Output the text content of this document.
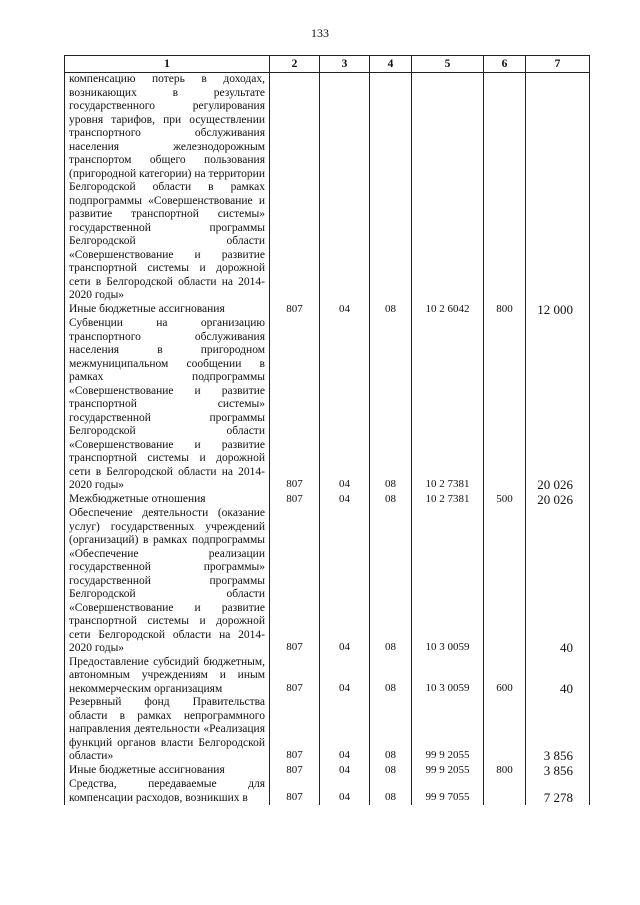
133
1	2	3	4	5	6	7

компенсацию потерь в доходах, возникающих в результате государственного регулирования уровня тарифов, при осуществлении транспортного обслуживания населения железнодорожным транспортом общего пользования (пригородной категории) на территории Белгородской области в рамках подпрограммы «Совершенствование и развитие транспортной системы» государственной программы Белгородской области «Совершенствование и развитие транспортной системы и дорожной сети в Белгородской области на 2014-2020 годы»						

Иные бюджетные ассигнования	807	04	08	10 2 6042	800	12 000

Субвенции на организацию транспортного обслуживания населения в пригородном межмуниципальном сообщении в рамках подпрограммы «Совершенствование и развитие транспортной системы» государственной программы Белгородской области «Совершенствование и развитие транспортной системы и дорожной сети в Белгородской области на 2014-2020 годы»	807	04	08	10 2 7381		20 026

Межбюджетные отношения	807	04	08	10 2 7381	500	20 026

Обеспечение деятельности (оказание услуг) государственных учреждений (организаций) в рамках подпрограммы «Обеспечение реализации государственной программы» государственной программы Белгородской области «Совершенствование и развитие транспортной системы и дорожной сети Белгородской области на 2014-2020 годы»	807	04	08	10 3 0059		40

Предоставление субсидий бюджетным, автономным учреждениям и иным некоммерческим организациям	807	04	08	10 3 0059	600	40

Резервный фонд Правительства области в рамках непрограммного направления деятельности «Реализация функций органов власти Белгородской области»	807	04	08	99 9 2055		3 856

Иные бюджетные ассигнования	807	04	08	99 9 2055	800	3 856

Средства, передаваемые для компенсации расходов, возникших в	807	04	08	99 9 7055		7 278
